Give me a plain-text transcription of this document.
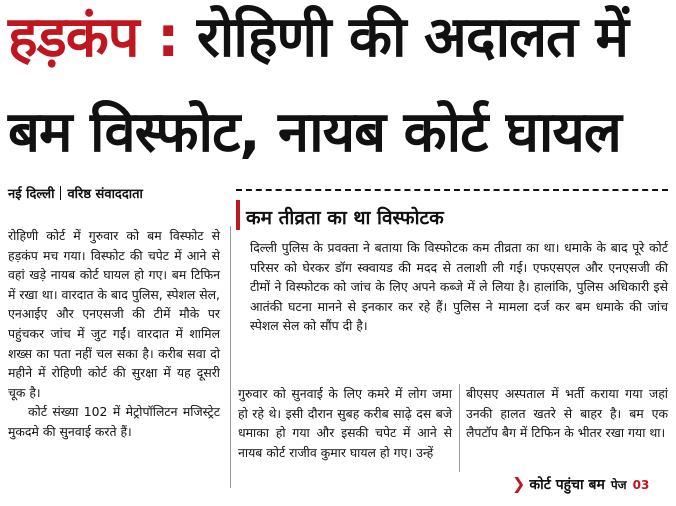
हड़कंप : रोहिणी की अदालत में
बम विस्फोट, नायब कोर्ट घायल
नई दिल्ली वरिष्ठ संवाददाता
कम तीव्रता का था विस्फोटक

दिल्ली पुलिस के प्रवक्ता ने बताया कि विस्फोटक कम तीव्रता का था। धमाके के बाद पूरे कोर्ट परिसर को घेरकर डॉग स्क्वायड की मदद से तलाशी ली गई। एफएसएल और एनएसजी की टीमों ने विस्फोटक को जांच के लिए अपने कब्जे में ले लिया है। हालांकि, पुलिस अधिकारी इसे आतंकी घटना मानने से इनकार कर रहे हैं। पुलिस ने मामला दर्ज कर बम धमाके की जांच स्पेशल सेल को सौंप दी है।

रोहिणी कोर्ट में गुरुवार को बम विस्फोट से हड़कंप मच गया। विस्फोट की चपेट में आने से वहां खड़े नायब कोर्ट घायल हो गए। बम टिफिन में रखा था। वारदात के बाद पुलिस, स्पेशल सेल, एनआईए और एनएसजी की टीमें मौके पर पहुंचकर जांच में जुट गईं। वारदात में शामिल शख्स का पता नहीं चल सका है। करीब सवा दो महीने में रोहिणी कोर्ट की सुरक्षा में यह दूसरी चूक है।

कोर्ट संख्या 102 में मेट्रोपॉलिटन मजिस्ट्रेट मुकदमे की सुनवाई करते हैं।

गुरुवार को सुनवाई के लिए कमरे में लोग जमा हो रहे थे। इसी दौरान सुबह करीब साढ़े दस बजे धमाका हो गया और इसकी चपेट में आने से नायब कोर्ट राजीव कुमार घायल हो गए। उन्हें

बीएसए अस्पताल में भर्ती कराया गया जहां उनकी हालत खतरे से बाहर है। बम एक लैपटॉप बैग में टिफिन के भीतर रखा गया था।

❯ कोर्ट पहुंचा बम पेज 03
